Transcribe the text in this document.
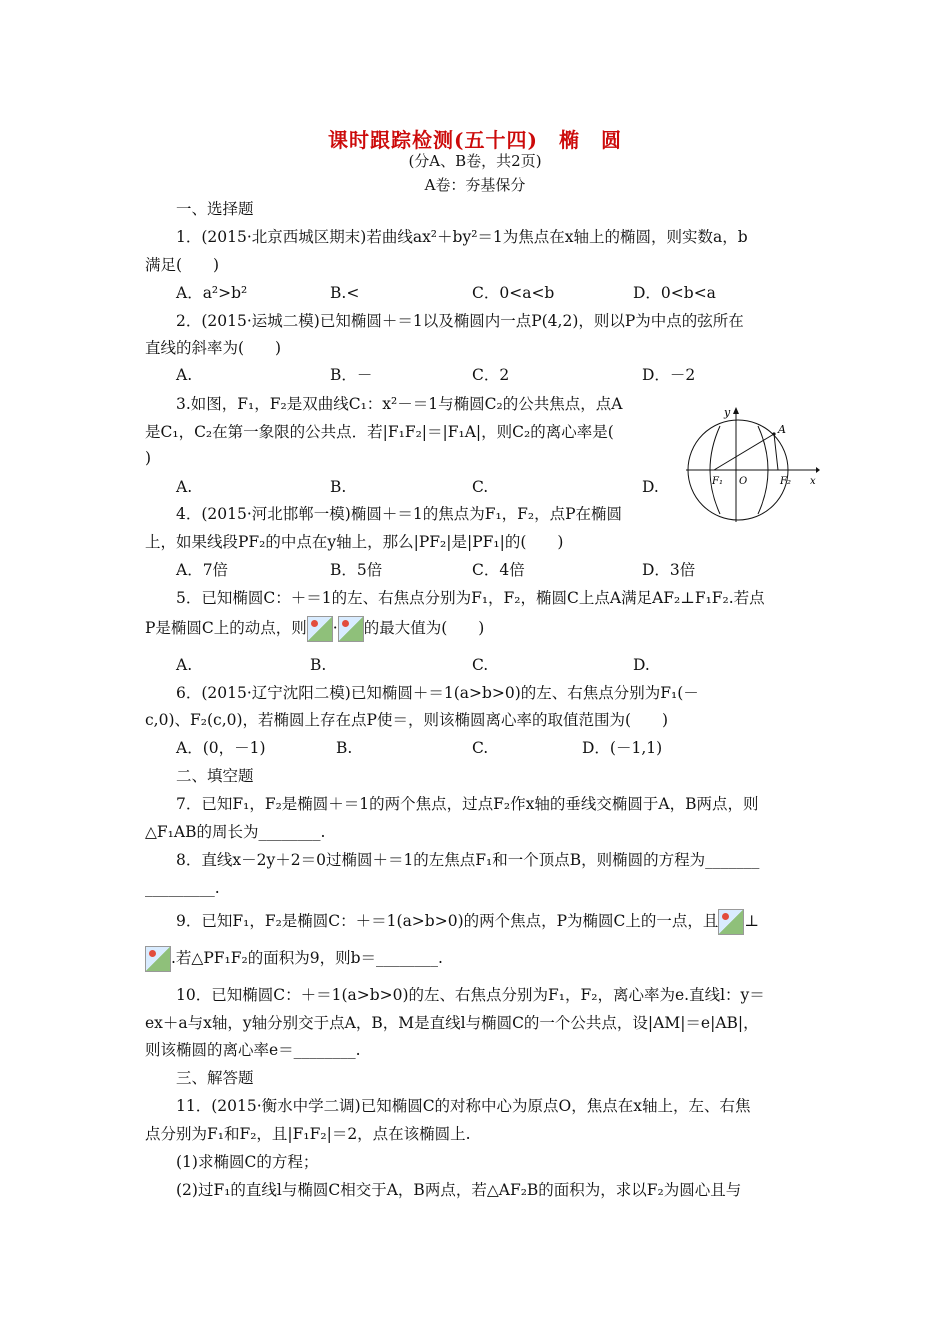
课时跟踪检测(五十四)　椭　圆
(分A、B卷，共2页)
A卷：夯基保分
一、选择题
1．(2015·北京西城区期末)若曲线ax²＋by²＝1为焦点在x轴上的椭圆，则实数a，b
满足(　　)
A．a²>b²	B.<	C．0<a<b	D．0<b<a
2．(2015·运城二模)已知椭圆＋＝1以及椭圆内一点P(4,2)，则以P为中点的弦所在
直线的斜率为(　　)
A.	B．－	C．2	D．－2
3.如图，F₁，F₂是双曲线C₁：x²－＝1与椭圆C₂的公共焦点，点A
是C₁，C₂在第一象限的公共点．若|F₁F₂|＝|F₁A|，则C₂的离心率是(
)
A.	B.	C.	D.
y
A
F₁ O	F₂ x
4．(2015·河北邯郸一模)椭圆＋＝1的焦点为F₁，F₂，点P在椭圆
上，如果线段PF₂的中点在y轴上，那么|PF₂|是|PF₁|的(　　)
A．7倍	B．5倍	C．4倍	D．3倍
5．已知椭圆C：＋＝1的左、右焦点分别为F₁，F₂，椭圆C上点A满足AF₂⊥F₁F₂.若点
P是椭圆C上的动点，则 · 的最大值为(　　)
A.	B.	C.	D.
6．(2015·辽宁沈阳二模)已知椭圆＋＝1(a>b>0)的左、右焦点分别为F₁(－
c,0)、F₂(c,0)，若椭圆上存在点P使＝，则该椭圆离心率的取值范围为(　　)
A．(0，－1)	B.	C.	D．(－1,1)
二、填空题
7．已知F₁，F₂是椭圆＋＝1的两个焦点，过点F₂作x轴的垂线交椭圆于A，B两点，则
△F₁AB的周长为________.
8．直线x－2y＋2＝0过椭圆＋＝1的左焦点F₁和一个顶点B，则椭圆的方程为_______
_________.
9．已知F₁，F₂是椭圆C：＋＝1(a>b>0)的两个焦点，P为椭圆C上的一点，且 ⊥
.若△PF₁F₂的面积为9，则b＝________.
10．已知椭圆C：＋＝1(a>b>0)的左、右焦点分别为F₁，F₂，离心率为e.直线l：y＝
ex＋a与x轴，y轴分别交于点A，B，M是直线l与椭圆C的一个公共点，设|AM|＝e|AB|，
则该椭圆的离心率e＝________.
三、解答题
11．(2015·衡水中学二调)已知椭圆C的对称中心为原点O，焦点在x轴上，左、右焦
点分别为F₁和F₂，且|F₁F₂|＝2，点在该椭圆上.
(1)求椭圆C的方程；
(2)过F₁的直线l与椭圆C相交于A，B两点，若△AF₂B的面积为，求以F₂为圆心且与
